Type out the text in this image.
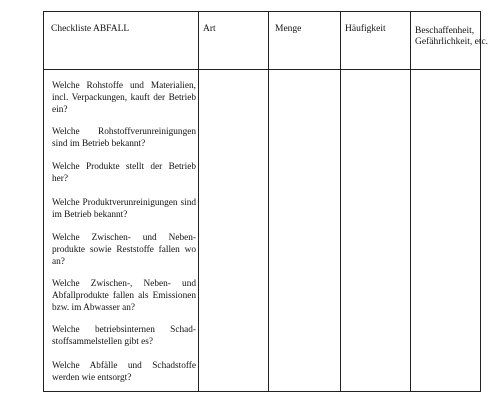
Checkliste ABFALL	Art	Menge	Häufigkeit	Beschaffenheit, Gefährlichkeit, etc.
Welche Rohstoffe und Materialien, incl. Verpackungen, kauft der Betrieb ein?
Welche Rohstoffverunreinigungen sind im Betrieb bekannt?
Welche Produkte stellt der Betrieb her?
Welche Produktverunreinigungen sind im Betrieb bekannt?
Welche Zwischen- und Nebenprodukte sowie Reststoffe fallen wo an?
Welche Zwischen-, Neben- und Abfallprodukte fallen als Emissionen bzw. im Abwasser an?
Welche betriebsinternen Schadstoffsammelstellen gibt es?
Welche Abfälle und Schadstoffe werden wie entsorgt?
